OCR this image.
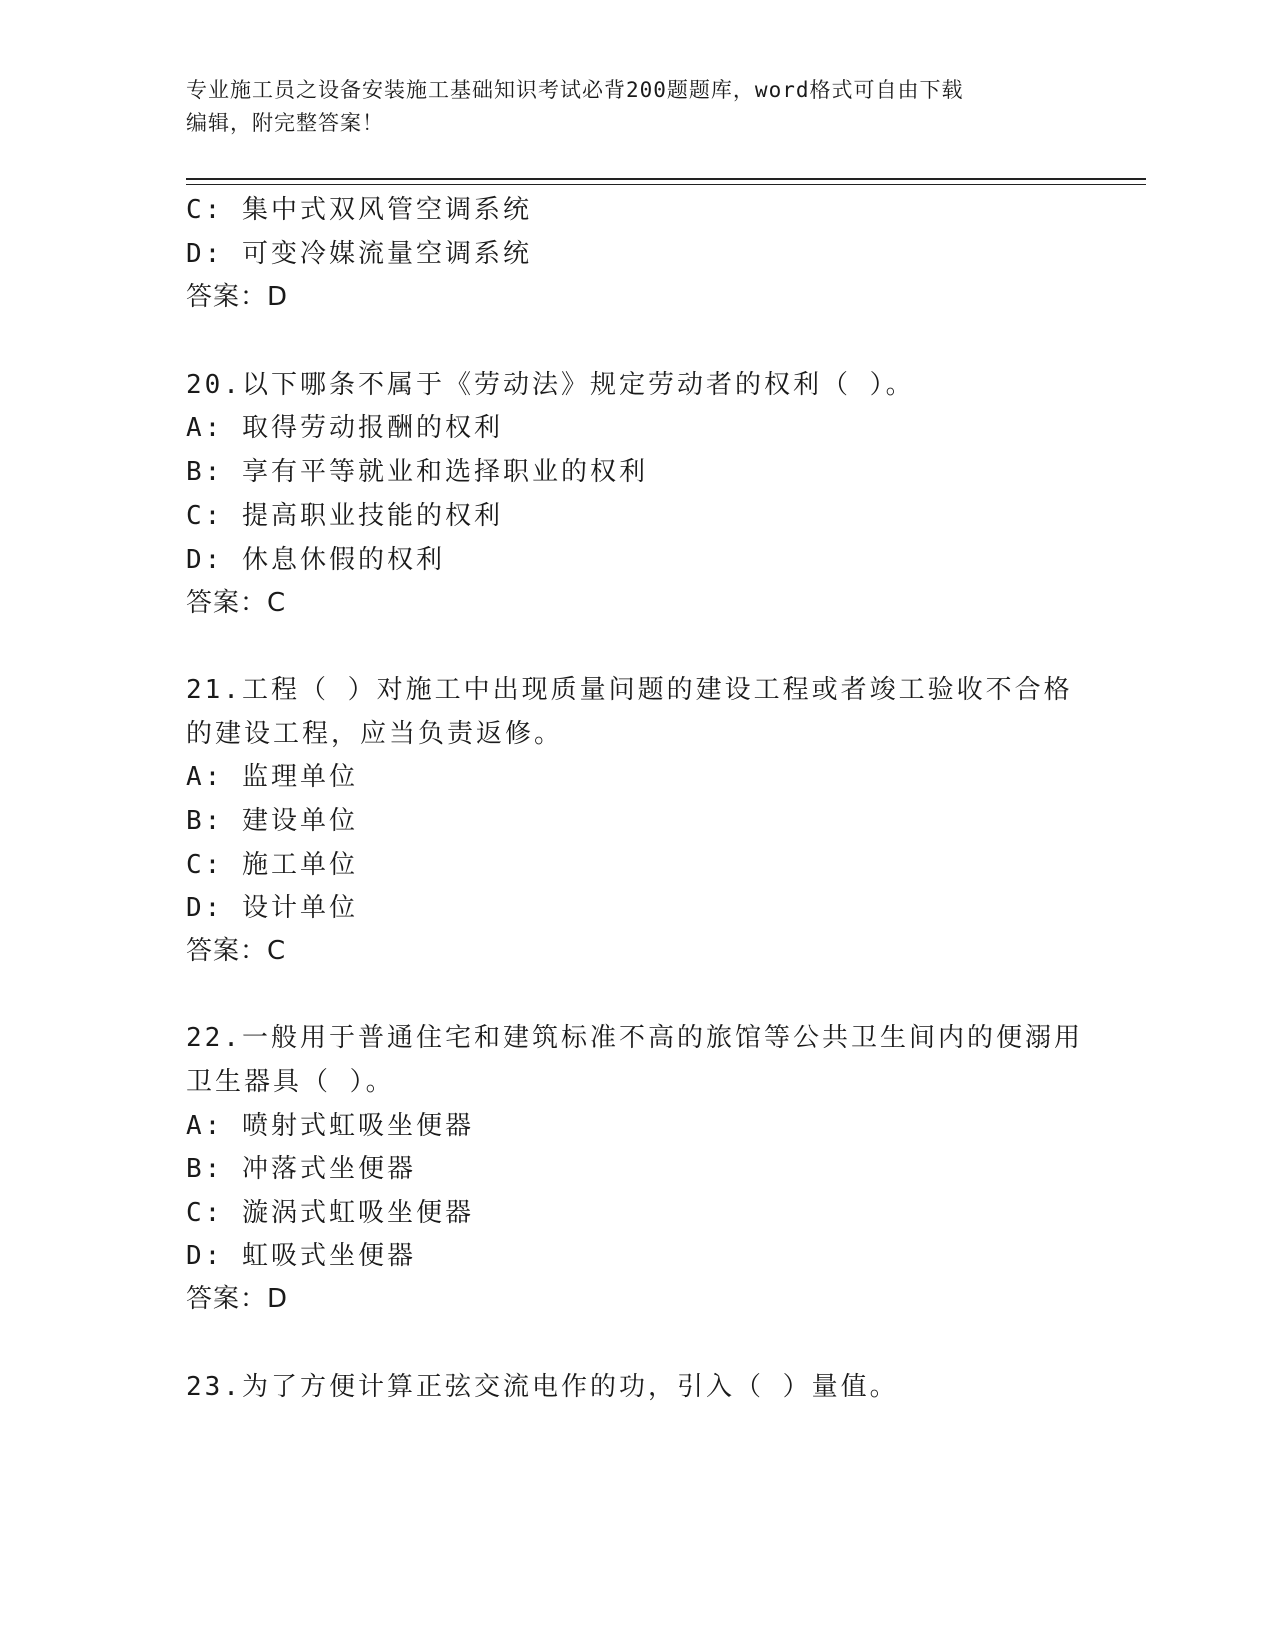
专业施工员之设备安装施工基础知识考试必背200题题库，word格式可自由下载
编辑，附完整答案！
C: 集中式双风管空调系统
D: 可变冷媒流量空调系统
答案：D
20.以下哪条不属于《劳动法》规定劳动者的权利（ ）。
A: 取得劳动报酬的权利
B: 享有平等就业和选择职业的权利
C: 提高职业技能的权利
D: 休息休假的权利
答案：C
21.工程（ ）对施工中出现质量问题的建设工程或者竣工验收不合格
的建设工程，应当负责返修。
A: 监理单位
B: 建设单位
C: 施工单位
D: 设计单位
答案：C
22.一般用于普通住宅和建筑标准不高的旅馆等公共卫生间内的便溺用
卫生器具（ ）。
A: 喷射式虹吸坐便器
B: 冲落式坐便器
C: 漩涡式虹吸坐便器
D: 虹吸式坐便器
答案：D
23.为了方便计算正弦交流电作的功，引入（ ）量值。
